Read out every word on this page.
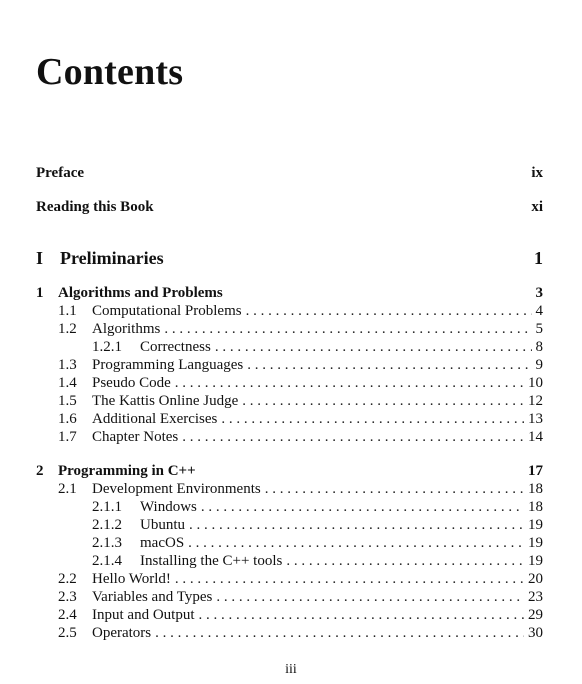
Contents
Preface	ix
Reading this Book	xi
I Preliminaries	1
1 Algorithms and Problems	3
1.1	Computational Problems . . .	4
1.2	Algorithms . . .	5
1.2.1	Correctness . . .	8
1.3	Programming Languages . . .	9
1.4	Pseudo Code . . .	10
1.5	The Kattis Online Judge . . .	12
1.6	Additional Exercises . . .	13
1.7	Chapter Notes . . .	14
2 Programming in C++	17
2.1	Development Environments . . .	18
2.1.1	Windows . . .	18
2.1.2	Ubuntu . . .	19
2.1.3	macOS . . .	19
2.1.4	Installing the C++ tools . . .	19
2.2	Hello World! . . .	20
2.3	Variables and Types . . .	23
2.4	Input and Output . . .	29
2.5	Operators . . .	30
iii
